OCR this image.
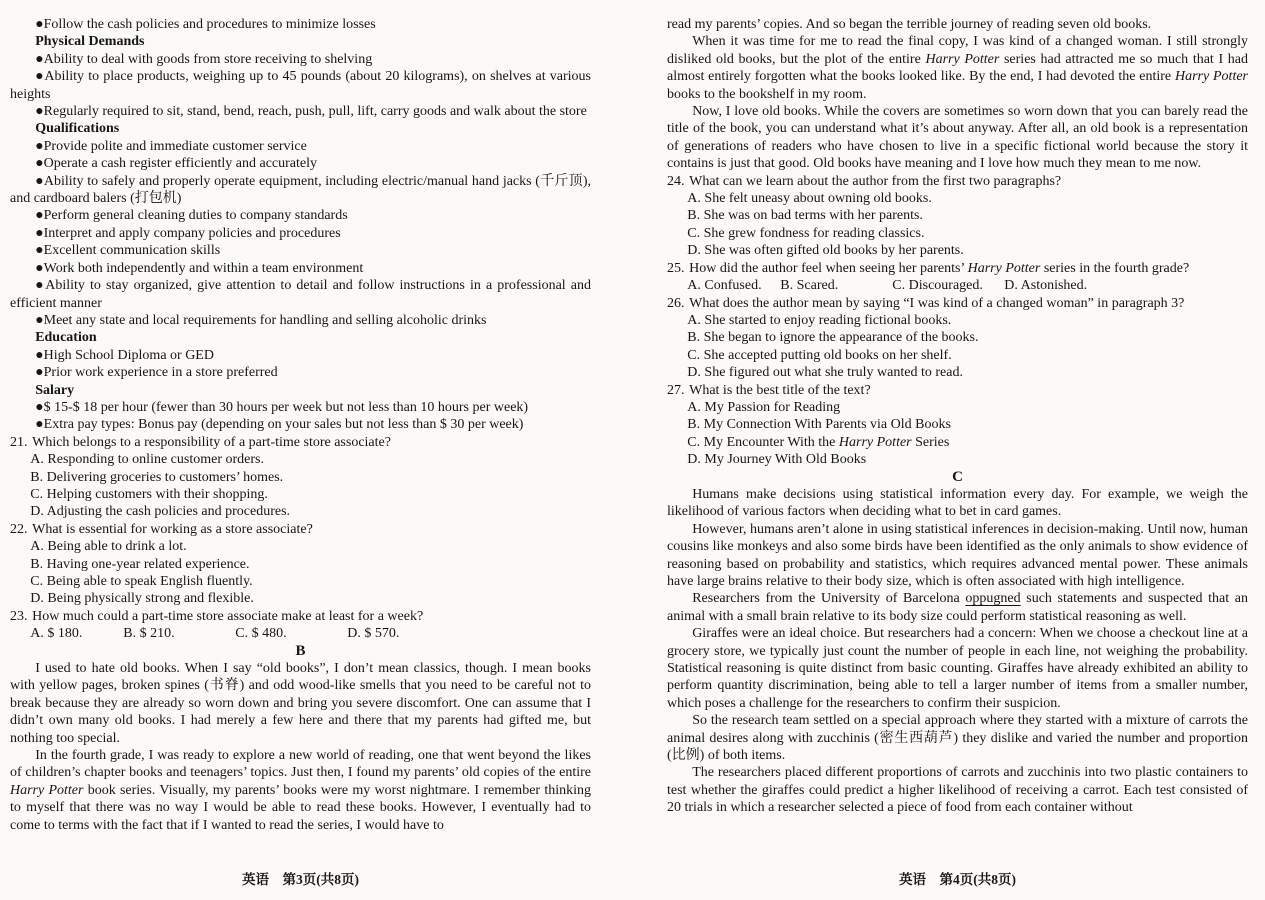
●Follow the cash policies and procedures to minimize losses

Physical Demands

●Ability to deal with goods from store receiving to shelving

●Ability to place products, weighing up to 45 pounds (about 20 kilograms), on shelves at various heights

●Regularly required to sit, stand, bend, reach, push, pull, lift, carry goods and walk about the store

Qualifications

●Provide polite and immediate customer service

●Operate a cash register efficiently and accurately

●Ability to safely and properly operate equipment, including electric/manual hand jacks (千斤顶), and cardboard balers (打包机)

●Perform general cleaning duties to company standards

●Interpret and apply company policies and procedures

●Excellent communication skills

●Work both independently and within a team environment

●Ability to stay organized, give attention to detail and follow instructions in a professional and efficient manner

●Meet any state and local requirements for handling and selling alcoholic drinks

Education

●High School Diploma or GED

●Prior work experience in a store preferred

Salary

●$ 15-$ 18 per hour (fewer than 30 hours per week but not less than 10 hours per week)

●Extra pay types: Bonus pay (depending on your sales but not less than $ 30 per week)

21. Which belongs to a responsibility of a part-time store associate?

A. Responding to online customer orders.

B. Delivering groceries to customers’ homes.

C. Helping customers with their shopping.

D. Adjusting the cash policies and procedures.

22. What is essential for working as a store associate?

A. Being able to drink a lot.

B. Having one-year related experience.

C. Being able to speak English fluently.

D. Being physically strong and flexible.

23. How much could a part-time store associate make at least for a week?

A. $ 180.	B. $ 210.	C. $ 480.	D. $ 570.

B

I used to hate old books. When I say “old books”, I don’t mean classics, though. I mean books with yellow pages, broken spines (书脊) and odd wood-like smells that you need to be careful not to break because they are already so worn down and bring you severe discomfort. One can assume that I didn’t own many old books. I had merely a few here and there that my parents had gifted me, but nothing too special.

In the fourth grade, I was ready to explore a new world of reading, one that went beyond the likes of children’s chapter books and teenagers’ topics. Just then, I found my parents’ old copies of the entire Harry Potter book series. Visually, my parents’ books were my worst nightmare. I remember thinking to myself that there was no way I would be able to read these books. However, I eventually had to come to terms with the fact that if I wanted to read the series, I would have to

read my parents’ copies. And so began the terrible journey of reading seven old books.

When it was time for me to read the final copy, I was kind of a changed woman. I still strongly disliked old books, but the plot of the entire Harry Potter series had attracted me so much that I had almost entirely forgotten what the books looked like. By the end, I had devoted the entire Harry Potter books to the bookshelf in my room.

Now, I love old books. While the covers are sometimes so worn down that you can barely read the title of the book, you can understand what it’s about anyway. After all, an old book is a representation of generations of readers who have chosen to live in a specific fictional world because the story it contains is just that good. Old books have meaning and I love how much they mean to me now.

24. What can we learn about the author from the first two paragraphs?

A. She felt uneasy about owning old books.

B. She was on bad terms with her parents.

C. She grew fondness for reading classics.

D. She was often gifted old books by her parents.

25. How did the author feel when seeing her parents’ Harry Potter series in the fourth grade?

A. Confused. B. Scared.	C. Discouraged. D. Astonished.

26. What does the author mean by saying “I was kind of a changed woman” in paragraph 3?

A. She started to enjoy reading fictional books.

B. She began to ignore the appearance of the books.

C. She accepted putting old books on her shelf.

D. She figured out what she truly wanted to read.

27. What is the best title of the text?

A. My Passion for Reading

B. My Connection With Parents via Old Books

C. My Encounter With the Harry Potter Series

D. My Journey With Old Books

C

Humans make decisions using statistical information every day. For example, we weigh the likelihood of various factors when deciding what to bet in card games.

However, humans aren’t alone in using statistical inferences in decision-making. Until now, human cousins like monkeys and also some birds have been identified as the only animals to show evidence of reasoning based on probability and statistics, which requires advanced mental power. These animals have large brains relative to their body size, which is often associated with high intelligence.

Researchers from the University of Barcelona oppugned such statements and suspected that an animal with a small brain relative to its body size could perform statistical reasoning as well.

Giraffes were an ideal choice. But researchers had a concern: When we choose a checkout line at a grocery store, we typically just count the number of people in each line, not weighing the probability. Statistical reasoning is quite distinct from basic counting. Giraffes have already exhibited an ability to perform quantity discrimination, being able to tell a larger number of items from a smaller number, which poses a challenge for the researchers to confirm their suspicion.

So the research team settled on a special approach where they started with a mixture of carrots the animal desires along with zucchinis (密生西葫芦) they dislike and varied the number and proportion (比例) of both items.

The researchers placed different proportions of carrots and zucchinis into two plastic containers to test whether the giraffes could predict a higher likelihood of receiving a carrot. Each test consisted of 20 trials in which a researcher selected a piece of food from each container without

英语　第3页(共8页)	英语　第4页(共8页)
